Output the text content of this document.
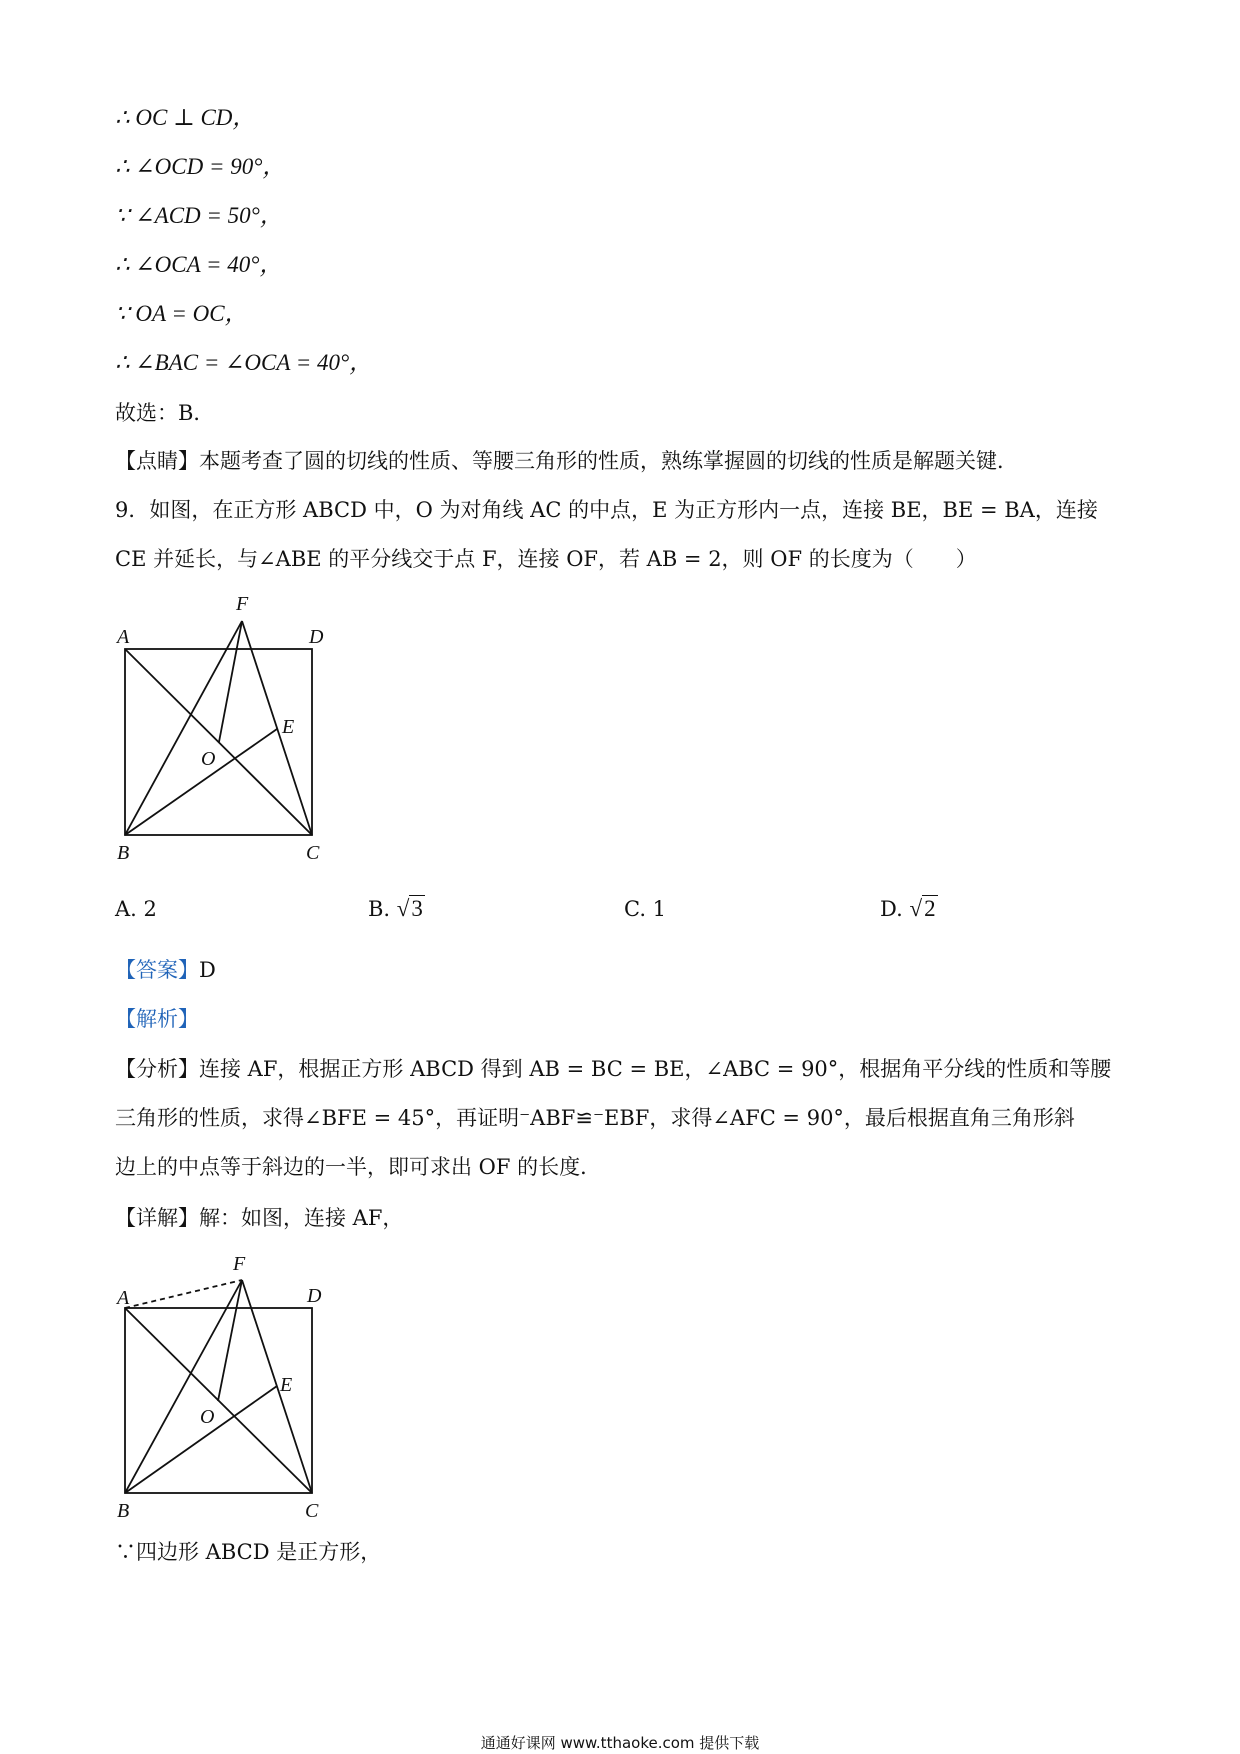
∴ OC ⊥ CD，
∴ ∠OCD = 90°，
∵ ∠ACD = 50°，
∴ ∠OCA = 40°，
∵ OA = OC，
∴ ∠BAC = ∠OCA = 40°，
故选：B．
【点睛】本题考查了圆的切线的性质、等腰三角形的性质，熟练掌握圆的切线的性质是解题关键．
9．如图，在正方形 ABCD 中，O 为对角线 AC 的中点，E 为正方形内一点，连接 BE，BE = BA，连接
CE 并延长，与∠ABE 的平分线交于点 F，连接 OF，若 AB = 2，则 OF 的长度为（　　）
F
A	D
E
O
B	C
A. 2	B. √3	C. 1	D. √2
【答案】D
【解析】
【分析】连接 AF，根据正方形 ABCD 得到 AB = BC = BE，∠ABC = 90°，根据角平分线的性质和等腰
三角形的性质，求得∠BFE = 45°，再证明⁻ABF≌⁻EBF，求得∠AFC = 90°，最后根据直角三角形斜
边上的中点等于斜边的一半，即可求出 OF 的长度．
【详解】解：如图，连接 AF，
F
A	D
E
O
B	C
∵四边形 ABCD 是正方形，
通通好课网 www.tthaoke.com 提供下载
